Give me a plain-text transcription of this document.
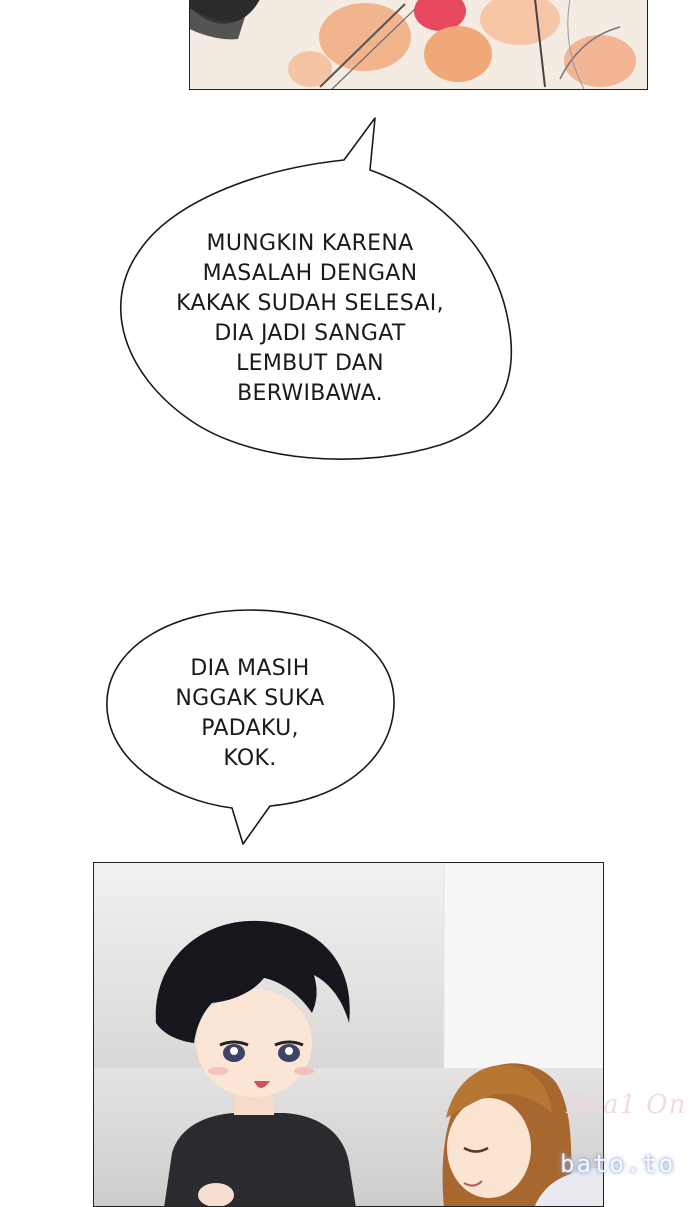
MUNGKIN KARENA
MASALAH DENGAN
KAKAK SUDAH SELESAI,
DIA JADI SANGAT
LEMBUT DAN
BERWIBAWA.
DIA MASIH
NGGAK SUKA
PADAKU,
KOK.
Rea1 On
bato.to
